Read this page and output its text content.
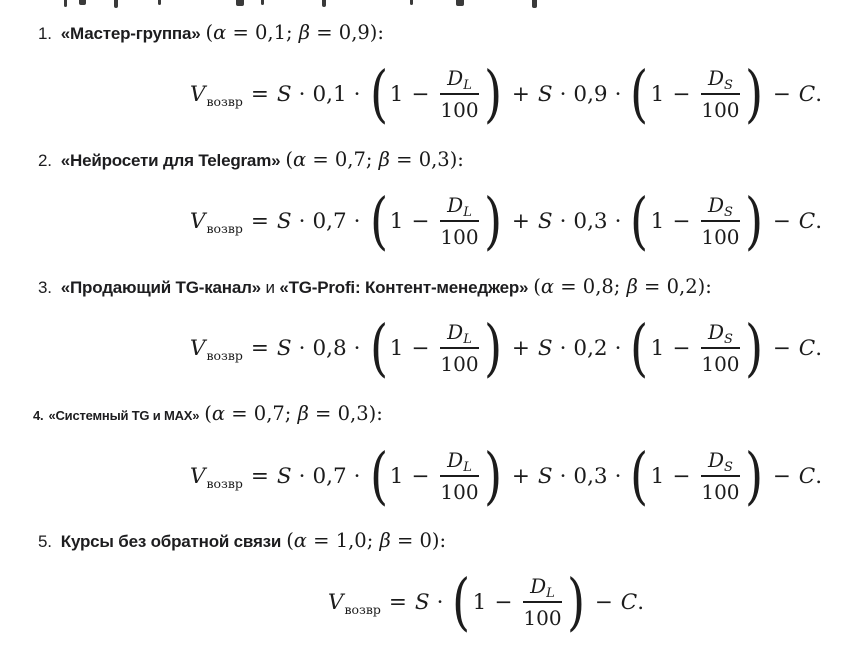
1. «Мастер-группа» (α = 0,1; β = 0,9):
V возвр = S · 0,1 · ( $1 - \frac{D_L}{100}$ ) + S · 0,9 · ( $1 - \frac{D_S}{100}$ ) − C .
2. «Нейросети для Telegram» (α = 0,7; β = 0,3):
V возвр = S · 0,7 · ( $1 - \frac{D_L}{100}$ ) + S · 0,3 · ( $1 - \frac{D_S}{100}$ ) − C .
3. «Продающий TG-канал» и «TG-Profi: Контент-менеджер» (α = 0,8; β = 0,2):
V возвр = S · 0,8 · ( $1 - \frac{D_L}{100}$ ) + S · 0,2 · ( $1 - \frac{D_S}{100}$ ) − C .
4. «Системный TG и MAX» (α = 0,7; β = 0,3):
V возвр = S · 0,7 · ( $1 - \frac{D_L}{100}$ ) + S · 0,3 · ( $1 - \frac{D_S}{100}$ ) − C .
5. Курсы без обратной связи (α = 1,0; β = 0):
V возвр = S · ( $1 - \frac{D_L}{100}$ ) − C .
